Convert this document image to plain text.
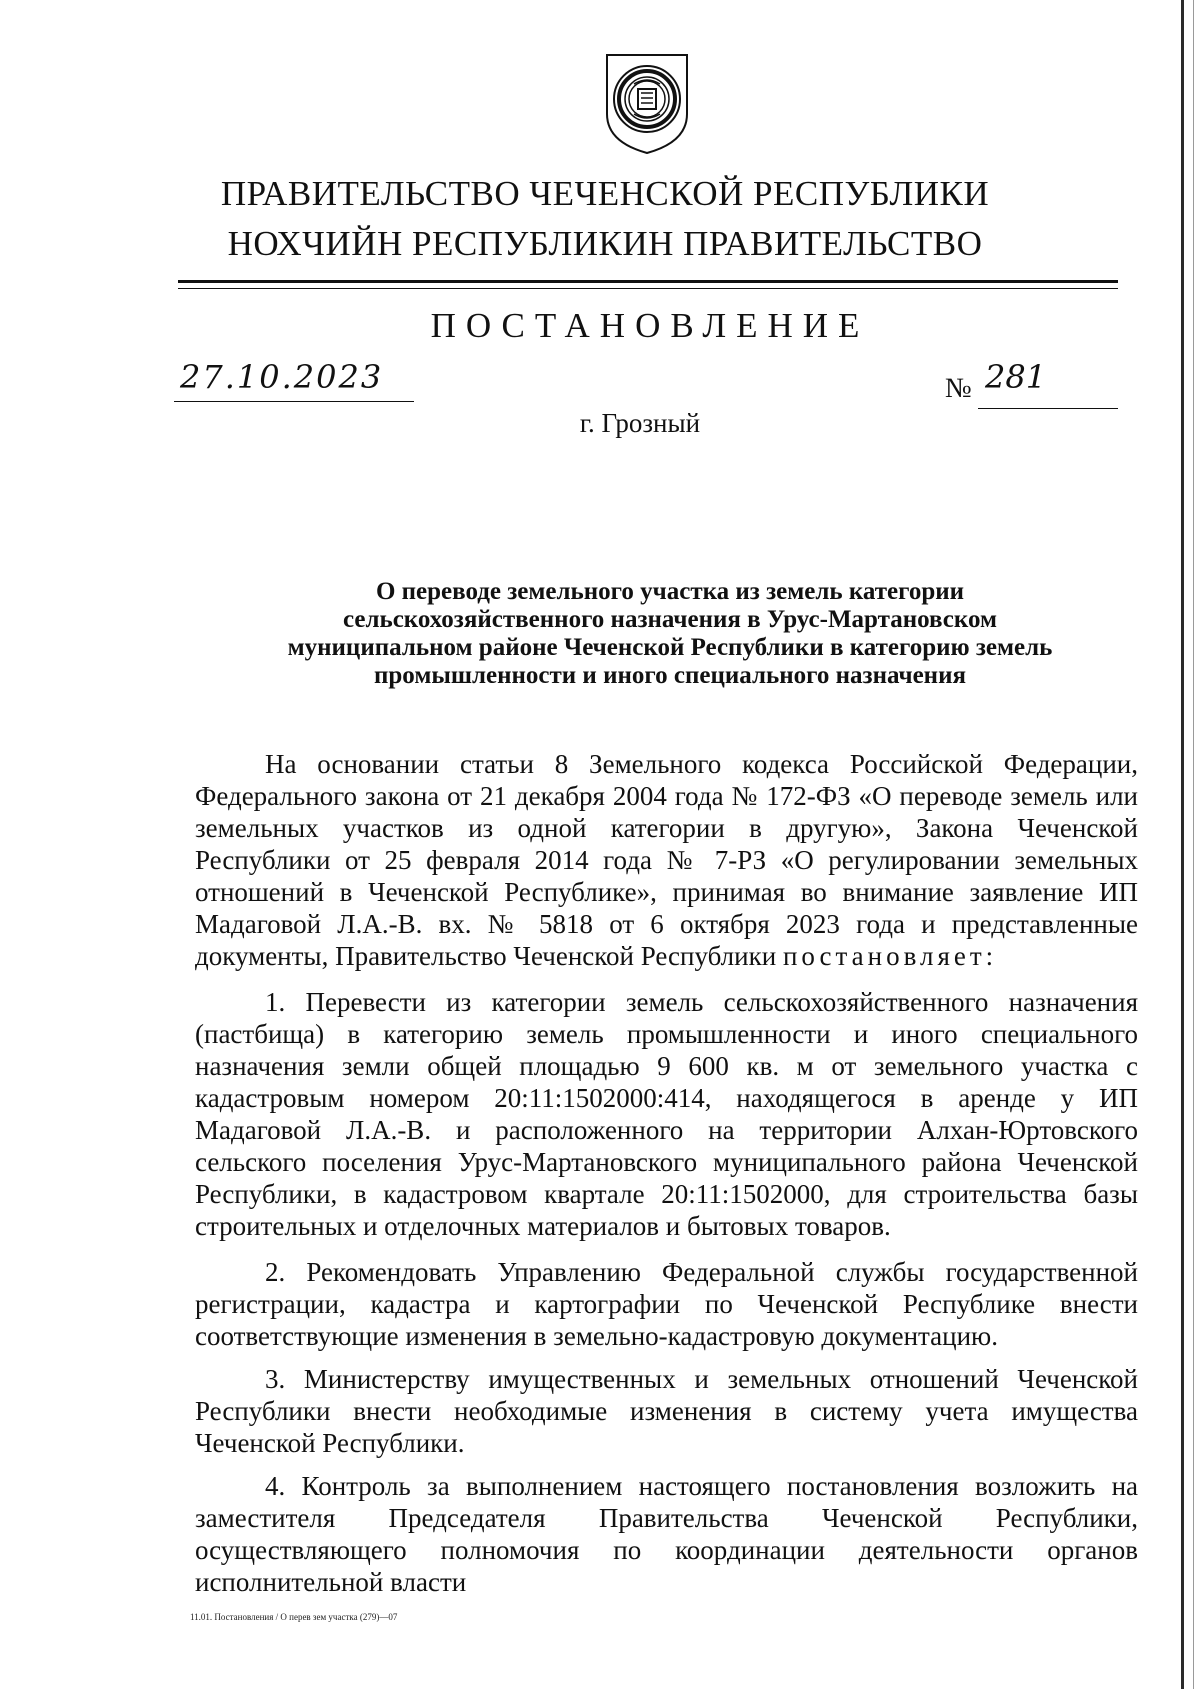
ПРАВИТЕЛЬСТВО ЧЕЧЕНСКОЙ РЕСПУБЛИКИ
НОХЧИЙН РЕСПУБЛИКИН ПРАВИТЕЛЬСТВО
ПОСТАНОВЛЕНИЕ
27.10.2023	№ 281
г. Грозный
О переводе земельного участка из земель категории
сельскохозяйственного назначения в Урус-Мартановском
муниципальном районе Чеченской Республики в категорию земель
промышленности и иного специального назначения

На основании статьи 8 Земельного кодекса Российской Федерации, Федерального закона от 21 декабря 2004 года № 172-ФЗ «О переводе земель или земельных участков из одной категории в другую», Закона Чеченской Республики от 25 февраля 2014 года № 7-РЗ «О регулировании земельных отношений в Чеченской Республике», принимая во внимание заявление ИП Мадаговой Л.А.-В. вх. № 5818 от 6 октября 2023 года и представленные документы, Правительство Чеченской Республики постановляет:

1. Перевести из категории земель сельскохозяйственного назначения (пастбища) в категорию земель промышленности и иного специального назначения земли общей площадью 9 600 кв. м от земельного участка с кадастровым номером 20:11:1502000:414, находящегося в аренде у ИП Мадаговой Л.А.-В. и расположенного на территории Алхан-Юртовского сельского поселения Урус-Мартановского муниципального района Чеченской Республики, в кадастровом квартале 20:11:1502000, для строительства базы строительных и отделочных материалов и бытовых товаров.

2. Рекомендовать Управлению Федеральной службы государственной регистрации, кадастра и картографии по Чеченской Республике внести соответствующие изменения в земельно-кадастровую документацию.

3. Министерству имущественных и земельных отношений Чеченской Республики внести необходимые изменения в систему учета имущества Чеченской Республики.

4. Контроль за выполнением настоящего постановления возложить на заместителя Председателя Правительства Чеченской Республики, осуществляющего полномочия по координации деятельности органов исполнительной власти

11.01. Постановления / О перев зем участка (279)—07
